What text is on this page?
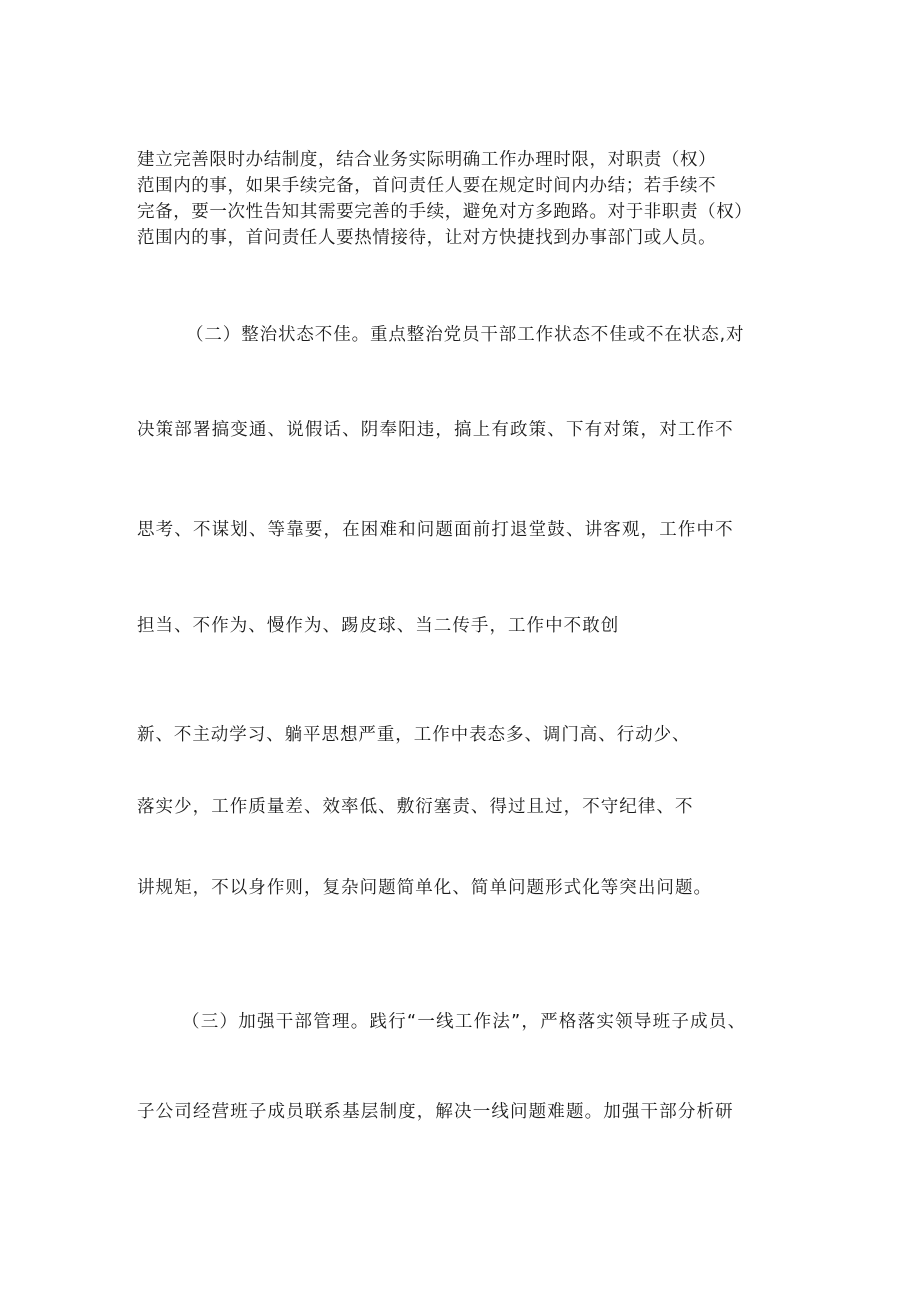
建立完善限时办结制度，结合业务实际明确工作办理时限，对职责（权）

范围内的事，如果手续完备，首问责任人要在规定时间内办结；若手续不

完备，要一次性告知其需要完善的手续，避免对方多跑路。对于非职责（权）

范围内的事，首问责任人要热情接待，让对方快捷找到办事部门或人员。

（二）整治状态不佳。重点整治党员干部工作状态不佳或不在状态,对

决策部署搞变通、说假话、阴奉阳违，搞上有政策、下有对策，对工作不

思考、不谋划、等靠要，在困难和问题面前打退堂鼓、讲客观，工作中不

担当、不作为、慢作为、踢皮球、当二传手，工作中不敢创

新、不主动学习、躺平思想严重，工作中表态多、调门高、行动少、

落实少，工作质量差、效率低、敷衍塞责、得过且过，不守纪律、不

讲规矩，不以身作则，复杂问题简单化、简单问题形式化等突出问题。

（三）加强干部管理。践行“一线工作法”，严格落实领导班子成员、

子公司经营班子成员联系基层制度，解决一线问题难题。加强干部分析研
